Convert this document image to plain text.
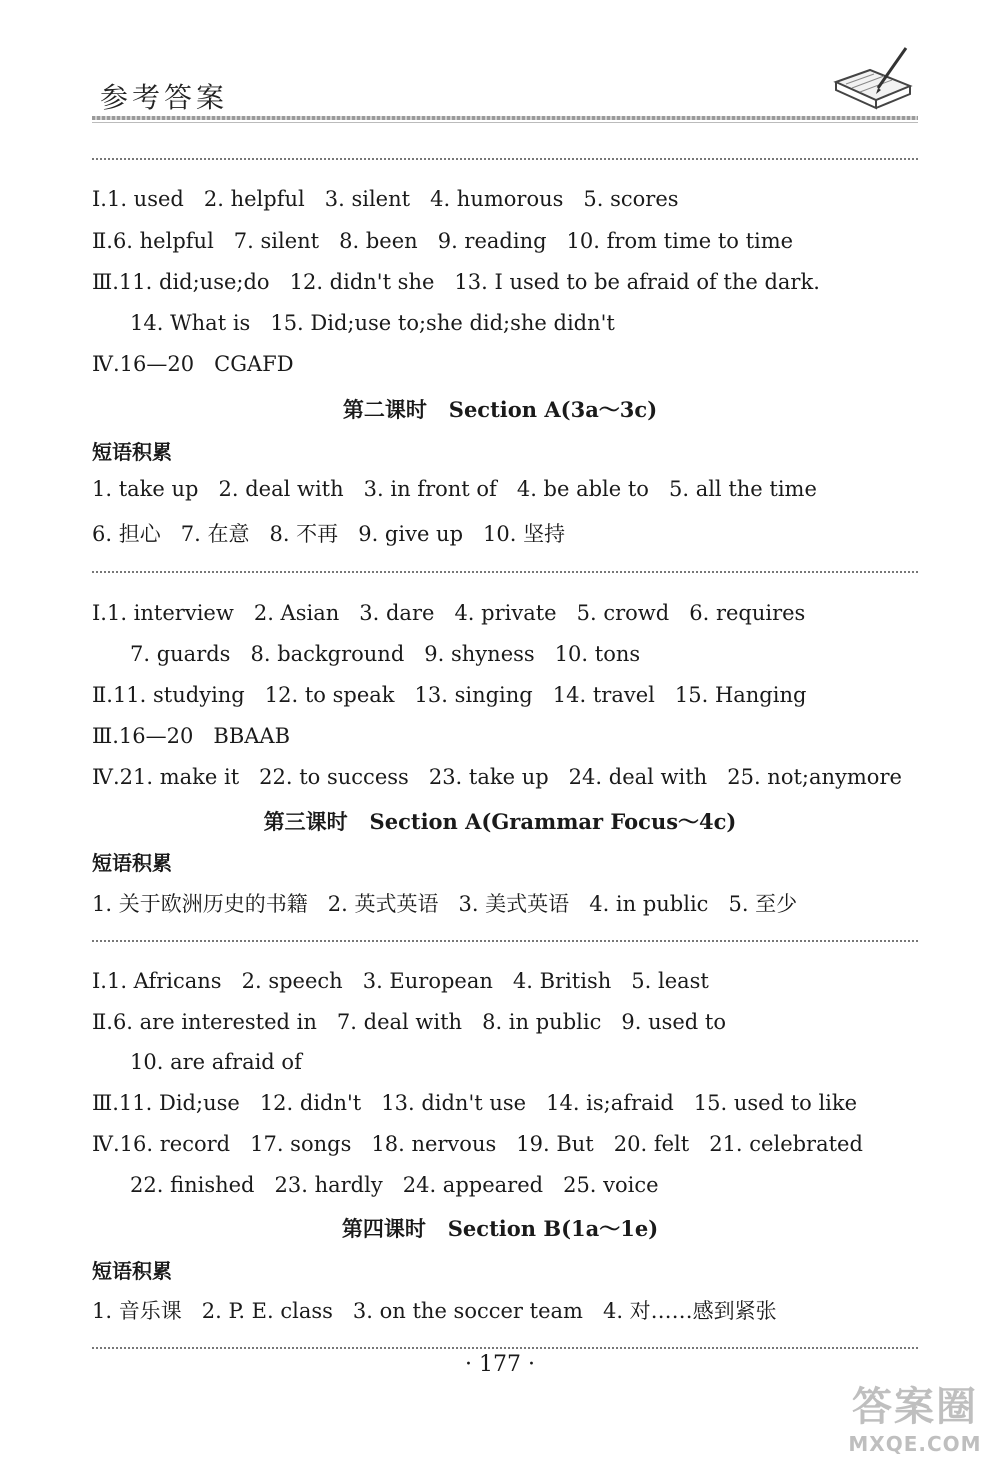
参考答案
Ⅰ.1. used   2. helpful   3. silent   4. humorous   5. scores
Ⅱ.6. helpful   7. silent   8. been   9. reading   10. from time to time
Ⅲ.11. did;use;do   12. didn't she   13. I used to be afraid of the dark.
14. What is   15. Did;use to;she did;she didn't
Ⅳ.16—20   CGAFD
第二课时   Section A(3a～3c)
短语积累
1. take up   2. deal with   3. in front of   4. be able to   5. all the time
6. 担心   7. 在意   8. 不再   9. give up   10. 坚持
Ⅰ.1. interview   2. Asian   3. dare   4. private   5. crowd   6. requires
7. guards   8. background   9. shyness   10. tons
Ⅱ.11. studying   12. to speak   13. singing   14. travel   15. Hanging
Ⅲ.16—20   BBAAB
Ⅳ.21. make it   22. to success   23. take up   24. deal with   25. not;anymore
第三课时   Section A(Grammar Focus～4c)
短语积累
1. 关于欧洲历史的书籍   2. 英式英语   3. 美式英语   4. in public   5. 至少
Ⅰ.1. Africans   2. speech   3. European   4. British   5. least
Ⅱ.6. are interested in   7. deal with   8. in public   9. used to
10. are afraid of
Ⅲ.11. Did;use   12. didn't   13. didn't use   14. is;afraid   15. used to like
Ⅳ.16. record   17. songs   18. nervous   19. But   20. felt   21. celebrated
22. finished   23. hardly   24. appeared   25. voice
第四课时   Section B(1a～1e)
短语积累
1. 音乐课   2. P. E. class   3. on the soccer team   4. 对……感到紧张
· 177 ·
答案圈
MXQE.COM
